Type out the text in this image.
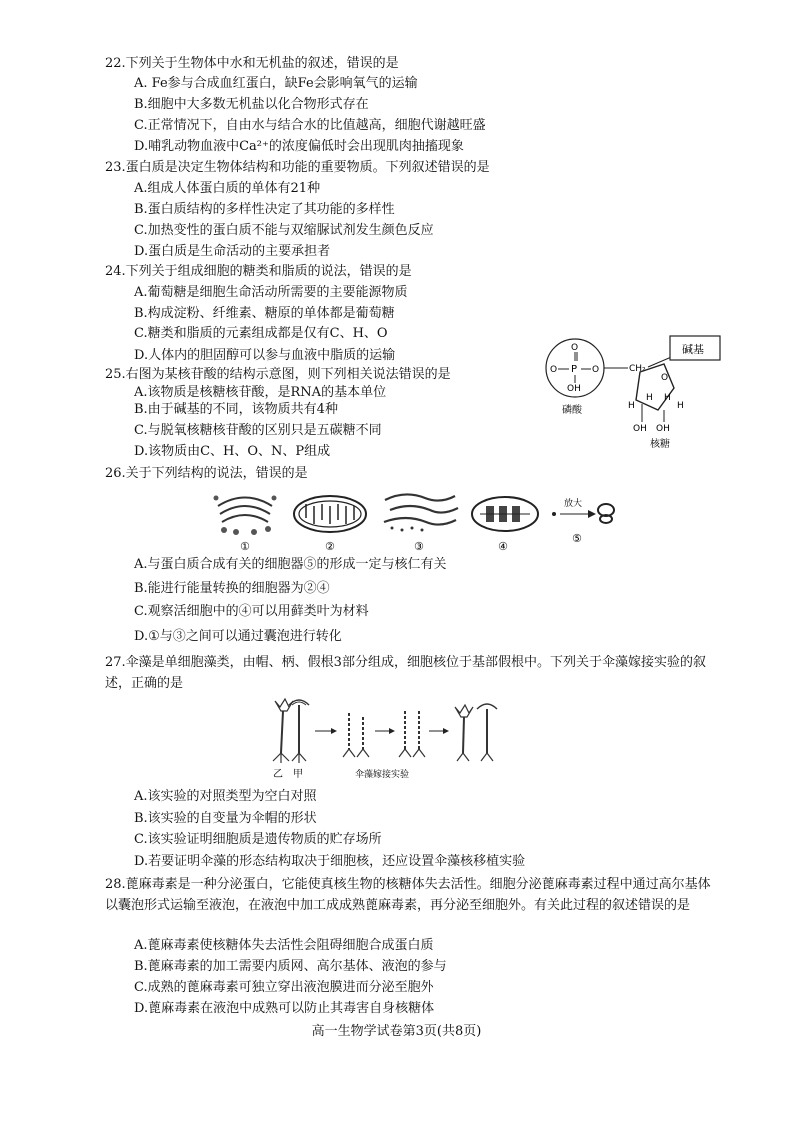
22.下列关于生物体中水和无机盐的叙述，错误的是
A. Fe参与合成血红蛋白，缺Fe会影响氧气的运输
B.细胞中大多数无机盐以化合物形式存在
C.正常情况下，自由水与结合水的比值越高，细胞代谢越旺盛
D.哺乳动物血液中Ca²⁺的浓度偏低时会出现肌肉抽搐现象
23.蛋白质是决定生物体结构和功能的重要物质。下列叙述错误的是
A.组成人体蛋白质的单体有21种
B.蛋白质结构的多样性决定了其功能的多样性
C.加热变性的蛋白质不能与双缩脲试剂发生颜色反应
D.蛋白质是生命活动的主要承担者
24.下列关于组成细胞的糖类和脂质的说法，错误的是
A.葡萄糖是细胞生命活动所需要的主要能源物质
B.构成淀粉、纤维素、糖原的单体都是葡萄糖
C.糖类和脂质的元素组成都是仅有C、H、O
D.人体内的胆固醇可以参与血液中脂质的运输
25.右图为某核苷酸的结构示意图，则下列相关说法错误的是
A.该物质是核糖核苷酸，是RNA的基本单位
B.由于碱基的不同，该物质共有4种
C.与脱氧核糖核苷酸的区别只是五碳糖不同
D.该物质由C、H、O、N、P组成
O
P
O	O
OH
磷酸
CH₂
碱基
O
H H
H	H
OH OH
核糖
26.关于下列结构的说法，错误的是
①	②	③	④
放大
⑤
A.与蛋白质合成有关的细胞器⑤的形成一定与核仁有关
B.能进行能量转换的细胞器为②④
C.观察活细胞中的④可以用藓类叶为材料
D.①与③之间可以通过囊泡进行转化
27.伞藻是单细胞藻类，由帽、柄、假根3部分组成，细胞核位于基部假根中。下列关于伞藻嫁接实验的叙述，正确的是
乙 甲	伞藻嫁接实验
A.该实验的对照类型为空白对照
B.该实验的自变量为伞帽的形状
C.该实验证明细胞质是遗传物质的贮存场所
D.若要证明伞藻的形态结构取决于细胞核，还应设置伞藻核移植实验
28.蓖麻毒素是一种分泌蛋白，它能使真核生物的核糖体失去活性。细胞分泌蓖麻毒素过程中通过高尔基体以囊泡形式运输至液泡，在液泡中加工成成熟蓖麻毒素，再分泌至细胞外。有关此过程的叙述错误的是
A.蓖麻毒素使核糖体失去活性会阻碍细胞合成蛋白质
B.蓖麻毒素的加工需要内质网、高尔基体、液泡的参与
C.成熟的蓖麻毒素可独立穿出液泡膜进而分泌至胞外
D.蓖麻毒素在液泡中成熟可以防止其毒害自身核糖体
高一生物学试卷第3页(共8页)
